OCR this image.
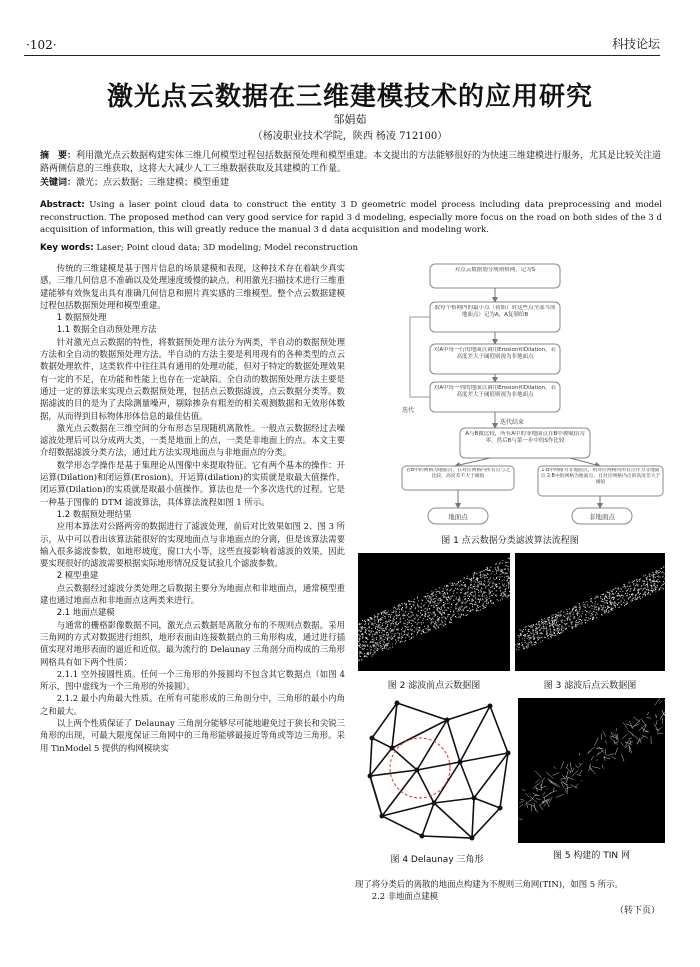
·102·	科技论坛
激光点云数据在三维建模技术的应用研究
邹娟茹
（杨凌职业技术学院，陕西 杨凌 712100）
摘　要：利用激光点云数据构建实体三维几何模型过程包括数据预处理和模型重建。本文提出的方法能够很好的为快速三维建模进行服务，尤其是比较关注道路两侧信息的三维获取，这将大大减少人工三维数据获取及其建模的工作量。
关键词：激光；点云数据；三维建模；模型重建
Abstract: Using a laser point cloud data to construct the entity 3 D geometric model process including data preprocessing and model reconstruction. The proposed method can very good service for rapid 3 d modeling, especially more focus on the road on both sides of the 3 d acquisition of information, this will greatly reduce the manual 3 d data acquisition and modeling work.
Key words: Laser; Point cloud data; 3D modeling; Model reconstruction

传统的三维建模是基于图片信息的场景建模和表现，这种技术存在着缺少真实感，三维几何信息不准确以及处理速度缓慢的缺点。利用激光扫描技术进行三维重建能够有效恢复出具有准确几何信息和照片真实感的三维模型。整个点云数据建模过程包括数据预处理和模型重建。

1 数据预处理

1.1 数据全自动预处理方法

针对激光点云数据的特性，将数据预处理方法分为两类，半自动的数据预处理方法和全自动的数据预处理方法。半自动的方法主要是利用现有的各种类型的点云数据处理软件，这类软件中往往具有通用的处理功能，但对于特定的数据处理效果有一定的不足，在功能和性能上也存在一定缺陷。全自动的数据预处理方法主要是通过一定的算法来实现点云数据预处理，包括点云数据滤波，点云数据分类等。数据滤波的目的是为了去除测量噪声，剔除掺杂有粗差的相关观测数据和无效形体数据，从而得到目标物体形体信息的最佳估值。

激光点云数据在三维空间的分布形态呈现随机离散性。一般点云数据经过去噪滤波处理后可以分成两大类，一类是地面上的点，一类是非地面上的点。本文主要介绍数据滤波分类方法，通过此方法实现地面点与非地面点的分类。

数学形态学操作是基于集理论从图像中来提取特征。它有两个基本的操作：开运算(Dilation)和闭运算(Erosion)。开运算(dilation)的实质就是取最大值操作，闭运算(Dilation)的实质就是取最小值操作。算法也是一个多次迭代的过程。它是一种基于图像的 DTM 滤波算法，具体算法流程如图 1 所示。

1.2 数据预处理结果

应用本算法对公路两旁的数据进行了滤波处理，前后对比效果如图 2、图 3 所示，从中可以看出该算法能很好的实现地面点与非地面点的分离，但是该算法需要输入很多滤波参数，如地形坡度，窗口大小等，这些直接影响着滤波的效果，因此要实现很好的滤波需要根据实际地形情况反复试验几个滤波参数。

2 模型重建

点云数据经过滤波分类处理之后数据主要分为地面点和非地面点，通常模型重建也通过地面点和非地面点这两类来进行。

2.1 地面点建模

与通常的栅格影像数据不同，激光点云数据是离散分布的不规则点数据。采用三角网的方式对数据进行组织，地形表面由连接数据点的三角形构成，通过进行插值实现对地形表面的逼近和近似。最为流行的 Delaunay 三角剖分而构成的三角形网格具有如下两个性质：

2.1.1 空外接圆性质。任何一个三角形的外接圆均不包含其它数据点（如图 4 所示，图中虚线为一个三角形的外接圆）。

2.1.2 最小内角最大性质。在所有可能形成的三角剖分中，三角形的最小内角之和最大。

以上两个性质保证了 Delaunay 三角剖分能够尽可能地避免过于狭长和尖锐三角形的出现，可最大限度保证三角网中的三角形能够最接近等角或等边三角形。采用 TinModel 5 提供的构网模块实

现了将分类后的离散的地面点构建为不规则三角网(TIN)，如图 5 所示。

2.2 非地面点建模

对点云数据划分规则格网，记为S
取每个格网内的最小点（初始）时这些点全部当成地面点）记为A，A复制给B
对A中每一行的地面点调用Erosion和Dilation，若高度差大于阈值则视为非地面点
对A中每一列的地面点调用Erosion和Dilation，若高度差大于阈值则视为非地面点
迭代
迭代结束
A与B做比较，所有A中的非地面点在B中被赋值为零，然后B与第一步中的S作比较
若B中的网格为地面点，在对应网格内所有点与之比较，高度差不大于阈值
1.B中网格为非地面点，则对应网格内所有点作为非地面点 2.B中的网格为地面点，且对应网格内点的高度差大于阈值
地面点	非地面点
图 1 点云数据分类滤波算法流程图
图 2 滤波前点云数据图	图 3 滤波后点云数据图
图 4 Delaunay 三角形	图 5 构建的 TIN 网
（转下页）
